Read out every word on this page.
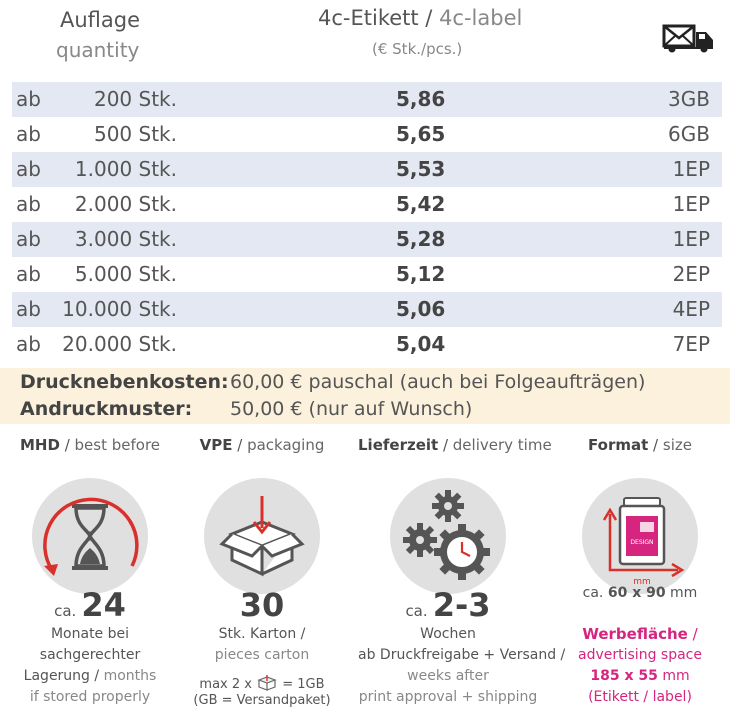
Auflage
quantity
4c-Etikett / 4c-label
(€ Stk./pcs.)
ab	200 Stk.	5,86	3GB
ab	500 Stk.	5,65	6GB
ab 1.000 Stk.	5,53	1EP
ab 2.000 Stk.	5,42	1EP
ab 3.000 Stk.	5,28	1EP
ab 5.000 Stk.	5,12	2EP
ab 10.000 Stk.	5,06	4EP
ab 20.000 Stk.	5,04	7EP
Drucknebenkosten: 60,00 € pauschal (auch bei Folgeaufträgen)
Andruckmuster: 50,00 € (nur auf Wunsch)
MHD / best before
ca. 24
Monate bei
sachgerechter
Lagerung / months
if stored properly
VPE / packaging
30
Stk. Karton /
pieces carton
max 2 x = 1GB
(GB = Versandpaket)
Lieferzeit / delivery time
ca. 2-3
Wochen
ab Druckfreigabe + Versand /
weeks after
print approval + shipping
Format / size
DESIGN
mm
ca. 60 x 90 mm
Werbefläche /
advertising space
185 x 55 mm
(Etikett / label)
